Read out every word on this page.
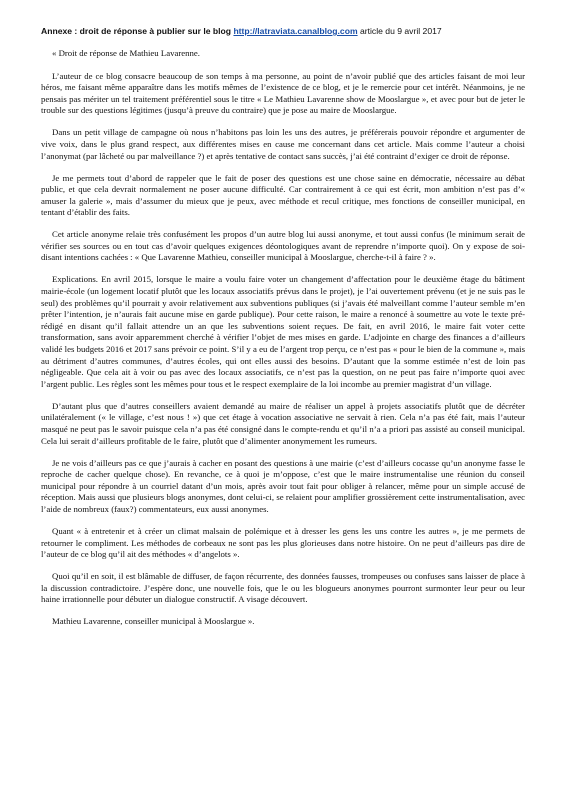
Annexe : droit de réponse à publier sur le blog http://latraviata.canalblog.com article du 9 avril 2017

« Droit de réponse de Mathieu Lavarenne.

L’auteur de ce blog consacre beaucoup de son temps à ma personne, au point de n’avoir publié que des articles faisant de moi leur héros, me faisant même apparaître dans les motifs mêmes de l’existence de ce blog, et je le remercie pour cet intérêt. Néanmoins, je ne pensais pas mériter un tel traitement préférentiel sous le titre « Le Mathieu Lavarenne show de Mooslargue », et avec pour but de jeter le trouble sur des questions légitimes (jusqu’à preuve du contraire) que je pose au maire de Mooslargue.

Dans un petit village de campagne où nous n’habitons pas loin les uns des autres, je préférerais pouvoir répondre et argumenter de vive voix, dans le plus grand respect, aux différentes mises en cause me concernant dans cet article. Mais comme l’auteur a choisi l’anonymat (par lâcheté ou par malveillance ?) et après tentative de contact sans succès, j’ai été contraint d’exiger ce droit de réponse.

Je me permets tout d’abord de rappeler que le fait de poser des questions est une chose saine en démocratie, nécessaire au débat public, et que cela devrait normalement ne poser aucune difficulté. Car contrairement à ce qui est écrit, mon ambition n’est pas d’« amuser la galerie », mais d’assumer du mieux que je peux, avec méthode et recul critique, mes fonctions de conseiller municipal, en tentant d’établir des faits.

Cet article anonyme relaie très confusément les propos d’un autre blog lui aussi anonyme, et tout aussi confus (le minimum serait de vérifier ses sources ou en tout cas d’avoir quelques exigences déontologiques avant de reprendre n’importe quoi). On y expose de soi-disant intentions cachées : « Que Lavarenne Mathieu, conseiller municipal à Mooslargue, cherche-t-il à faire ? ».

Explications. En avril 2015, lorsque le maire a voulu faire voter un changement d’affectation pour le deuxième étage du bâtiment mairie-école (un logement locatif plutôt que les locaux associatifs prévus dans le projet), je l’ai ouvertement prévenu (et je ne suis pas le seul) des problèmes qu’il pourrait y avoir relativement aux subventions publiques (si j’avais été malveillant comme l’auteur semble m’en prêter l’intention, je n’aurais fait aucune mise en garde publique). Pour cette raison, le maire a renoncé à soumettre au vote le texte pré-rédigé en disant qu’il fallait attendre un an que les subventions soient reçues. De fait, en avril 2016, le maire fait voter cette transformation, sans avoir apparemment cherché à vérifier l’objet de mes mises en garde. L’adjointe en charge des finances a d’ailleurs validé les budgets 2016 et 2017 sans prévoir ce point. S’il y a eu de l’argent trop perçu, ce n’est pas « pour le bien de la commune », mais au détriment d’autres communes, d’autres écoles, qui ont elles aussi des besoins. D’autant que la somme estimée n’est de loin pas négligeable. Que cela ait à voir ou pas avec des locaux associatifs, ce n’est pas la question, on ne peut pas faire n’importe quoi avec l’argent public. Les règles sont les mêmes pour tous et le respect exemplaire de la loi incombe au premier magistrat d’un village.

D’autant plus que d’autres conseillers avaient demandé au maire de réaliser un appel à projets associatifs plutôt que de décréter unilatéralement (« le village, c’est nous ! ») que cet étage à vocation associative ne servait à rien. Cela n’a pas été fait, mais l’auteur masqué ne peut pas le savoir puisque cela n’a pas été consigné dans le compte-rendu et qu’il n’a a priori pas assisté au conseil municipal. Cela lui serait d’ailleurs profitable de le faire, plutôt que d’alimenter anonymement les rumeurs.

Je ne vois d’ailleurs pas ce que j’aurais à cacher en posant des questions à une mairie (c’est d’ailleurs cocasse qu’un anonyme fasse le reproche de cacher quelque chose). En revanche, ce à quoi je m’oppose, c’est que le maire instrumentalise une réunion du conseil municipal pour répondre à un courriel datant d’un mois, après avoir tout fait pour obliger à relancer, même pour un simple accusé de réception. Mais aussi que plusieurs blogs anonymes, dont celui-ci, se relaient pour amplifier grossièrement cette instrumentalisation, avec l’aide de nombreux (faux?) commentateurs, eux aussi anonymes.

Quant « à entretenir et à créer un climat malsain de polémique et à dresser les gens les uns contre les autres », je me permets de retourner le compliment. Les méthodes de corbeaux ne sont pas les plus glorieuses dans notre histoire. On ne peut d’ailleurs pas dire de l’auteur de ce blog qu’il ait des méthodes « d’angelots ».

Quoi qu’il en soit, il est blâmable de diffuser, de façon récurrente, des données fausses, trompeuses ou confuses sans laisser de place à la discussion contradictoire. J’espère donc, une nouvelle fois, que le ou les blogueurs anonymes pourront surmonter leur peur ou leur haine irrationnelle pour débuter un dialogue constructif. A visage découvert.

Mathieu Lavarenne, conseiller municipal à Mooslargue ».
